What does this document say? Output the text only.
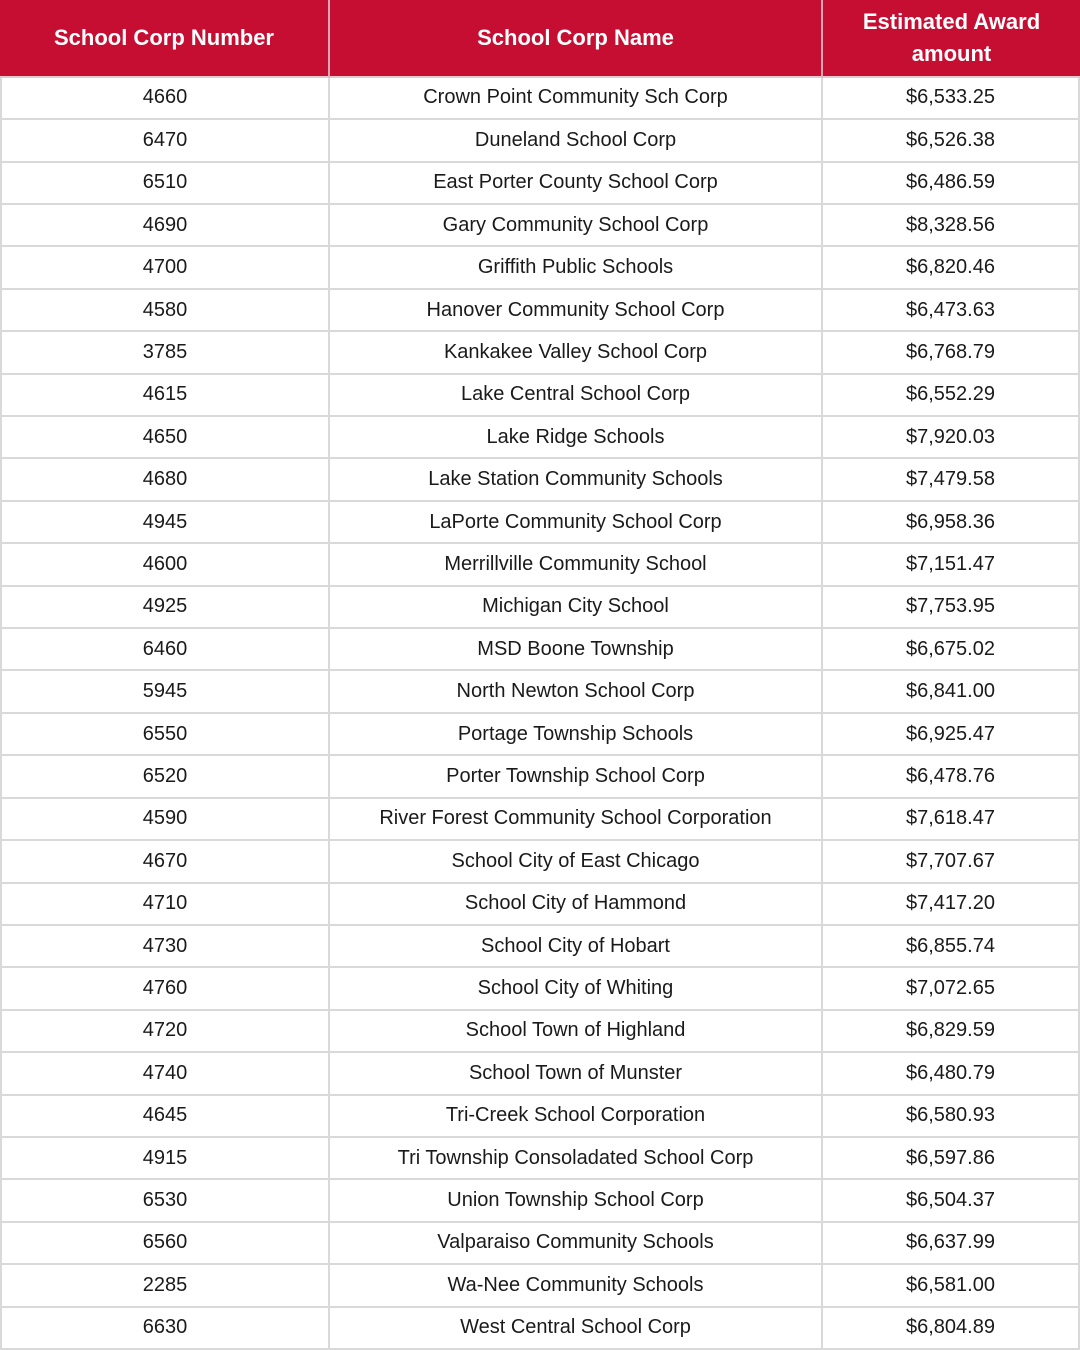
School Corp Number	School Corp Name	Estimated Award amount
4660	Crown Point Community Sch Corp	$6,533.25
6470	Duneland School Corp	$6,526.38
6510	East Porter County School Corp	$6,486.59
4690	Gary Community School Corp	$8,328.56
4700	Griffith Public Schools	$6,820.46
4580	Hanover Community School Corp	$6,473.63
3785	Kankakee Valley School Corp	$6,768.79
4615	Lake Central School Corp	$6,552.29
4650	Lake Ridge Schools	$7,920.03
4680	Lake Station Community Schools	$7,479.58
4945	LaPorte Community School Corp	$6,958.36
4600	Merrillville Community School	$7,151.47
4925	Michigan City School	$7,753.95
6460	MSD Boone Township	$6,675.02
5945	North Newton School Corp	$6,841.00
6550	Portage Township Schools	$6,925.47
6520	Porter Township School Corp	$6,478.76
4590	River Forest Community School Corporation	$7,618.47
4670	School City of East Chicago	$7,707.67
4710	School City of Hammond	$7,417.20
4730	School City of Hobart	$6,855.74
4760	School City of Whiting	$7,072.65
4720	School Town of Highland	$6,829.59
4740	School Town of Munster	$6,480.79
4645	Tri-Creek School Corporation	$6,580.93
4915	Tri Township Consoladated School Corp	$6,597.86
6530	Union Township School Corp	$6,504.37
6560	Valparaiso Community Schools	$6,637.99
2285	Wa-Nee Community Schools	$6,581.00
6630	West Central School Corp	$6,804.89
